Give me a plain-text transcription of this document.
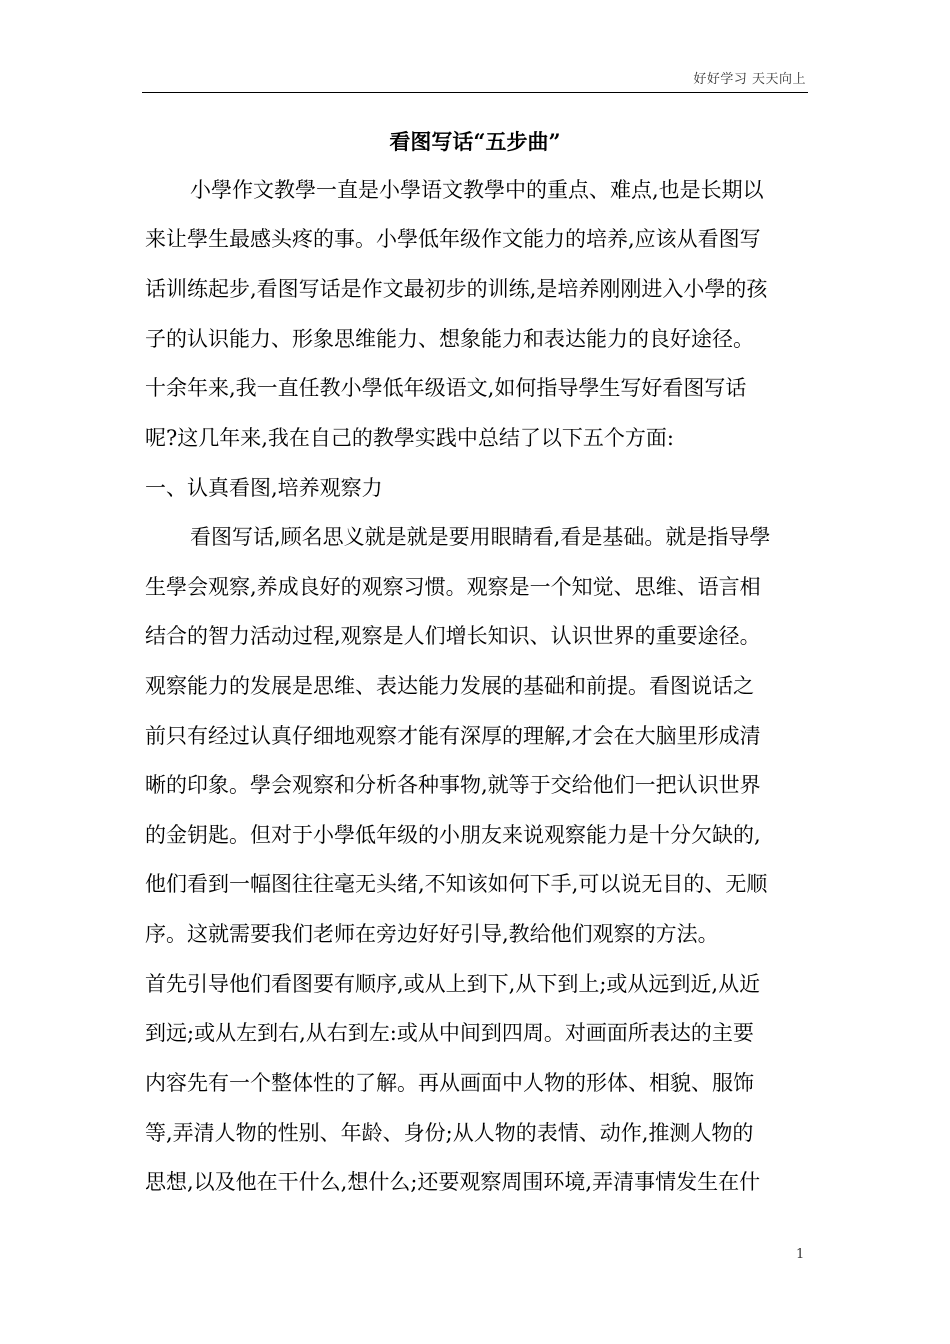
好好学习 天天向上
看图写话“五步曲”
小學作文教學一直是小學语文教學中的重点、难点,也是长期以
来让學生最感头疼的事。小學低年级作文能力的培养,应该从看图写
话训练起步,看图写话是作文最初步的训练,是培养刚刚进入小學的孩
子的认识能力、形象思维能力、想象能力和表达能力的良好途径。
十余年来,我一直任教小學低年级语文,如何指导學生写好看图写话
呢?这几年来,我在自己的教學实践中总结了以下五个方面:
一、认真看图,培养观察力
看图写话,顾名思义就是就是要用眼睛看,看是基础。就是指导學
生學会观察,养成良好的观察习惯。观察是一个知觉、思维、语言相
结合的智力活动过程,观察是人们增长知识、认识世界的重要途径。
观察能力的发展是思维、表达能力发展的基础和前提。看图说话之
前只有经过认真仔细地观察才能有深厚的理解,才会在大脑里形成清
晰的印象。學会观察和分析各种事物,就等于交给他们一把认识世界
的金钥匙。但对于小學低年级的小朋友来说观察能力是十分欠缺的,
他们看到一幅图往往毫无头绪,不知该如何下手,可以说无目的、无顺
序。这就需要我们老师在旁边好好引导,教给他们观察的方法。
首先引导他们看图要有顺序,或从上到下,从下到上;或从远到近,从近
到远;或从左到右,从右到左:或从中间到四周。对画面所表达的主要
内容先有一个整体性的了解。再从画面中人物的形体、相貌、服饰
等,弄清人物的性别、年龄、身份;从人物的表情、动作,推测人物的
思想,以及他在干什么,想什么;还要观察周围环境,弄清事情发生在什
1
